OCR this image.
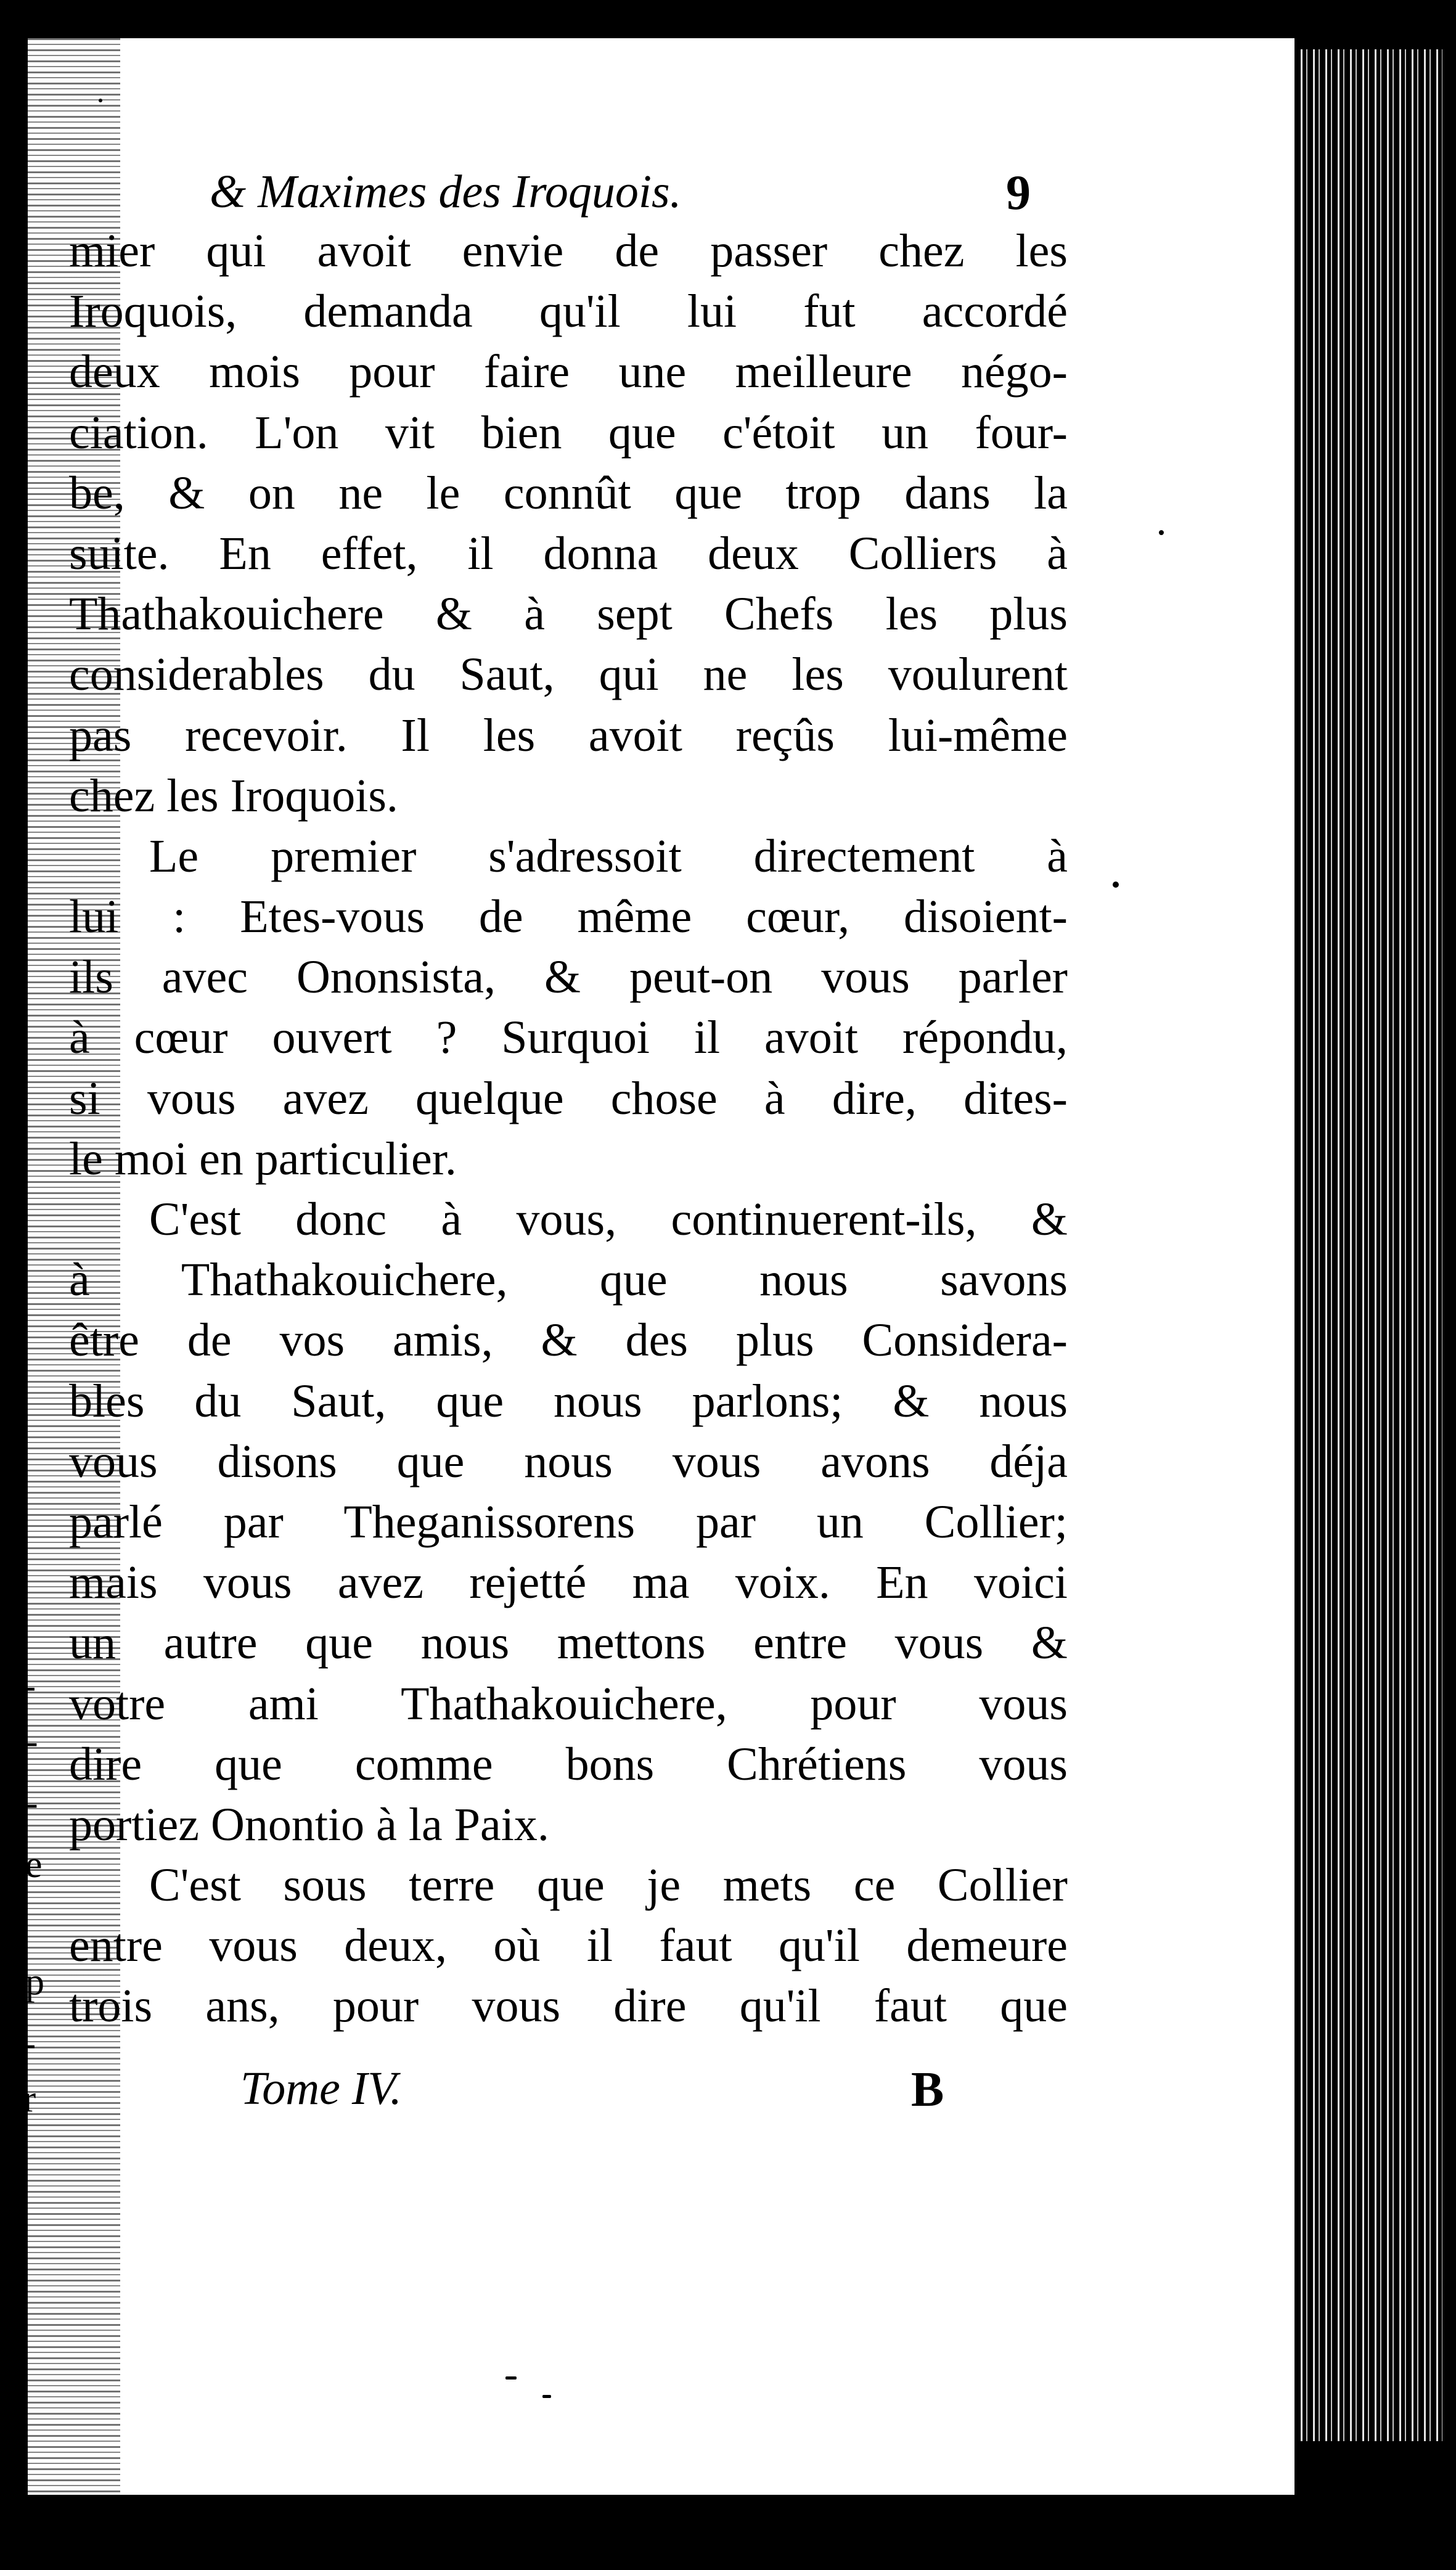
t
t
a
s
-
t
t
e-
u-
n-
de
op
e-
er
& Maximes des Iroquois.	9
mier qui avoit envie de passer chez les
Iroquois, demanda qu'il lui fut accordé
deux mois pour faire une meilleure négo-
ciation. L'on vit bien que c'étoit un four-
be, & on ne le connût que trop dans la
suite. En effet, il donna deux Colliers à
Thathakouichere & à sept Chefs les plus
considerables du Saut, qui ne les voulurent
pas recevoir. Il les avoit reçûs lui-même
chez les Iroquois.
Le premier s'adressoit directement à
lui : Etes-vous de même cœur, disoient-
ils avec Ononsista, & peut-on vous parler
à cœur ouvert ? Surquoi il avoit répondu,
si vous avez quelque chose à dire, dites-
le moi en particulier.
C'est donc à vous, continuerent-ils, &
à Thathakouichere, que nous savons
être de vos amis, & des plus Considera-
bles du Saut, que nous parlons; & nous
vous disons que nous vous avons déja
parlé par Theganissorens par un Collier;
mais vous avez rejetté ma voix. En voici
un autre que nous mettons entre vous &
votre ami Thathakouichere, pour vous
dire que comme bons Chrétiens vous
portiez Onontio à la Paix.
C'est sous terre que je mets ce Collier
entre vous deux, où il faut qu'il demeure
trois ans, pour vous dire qu'il faut que
Tome IV.	B
